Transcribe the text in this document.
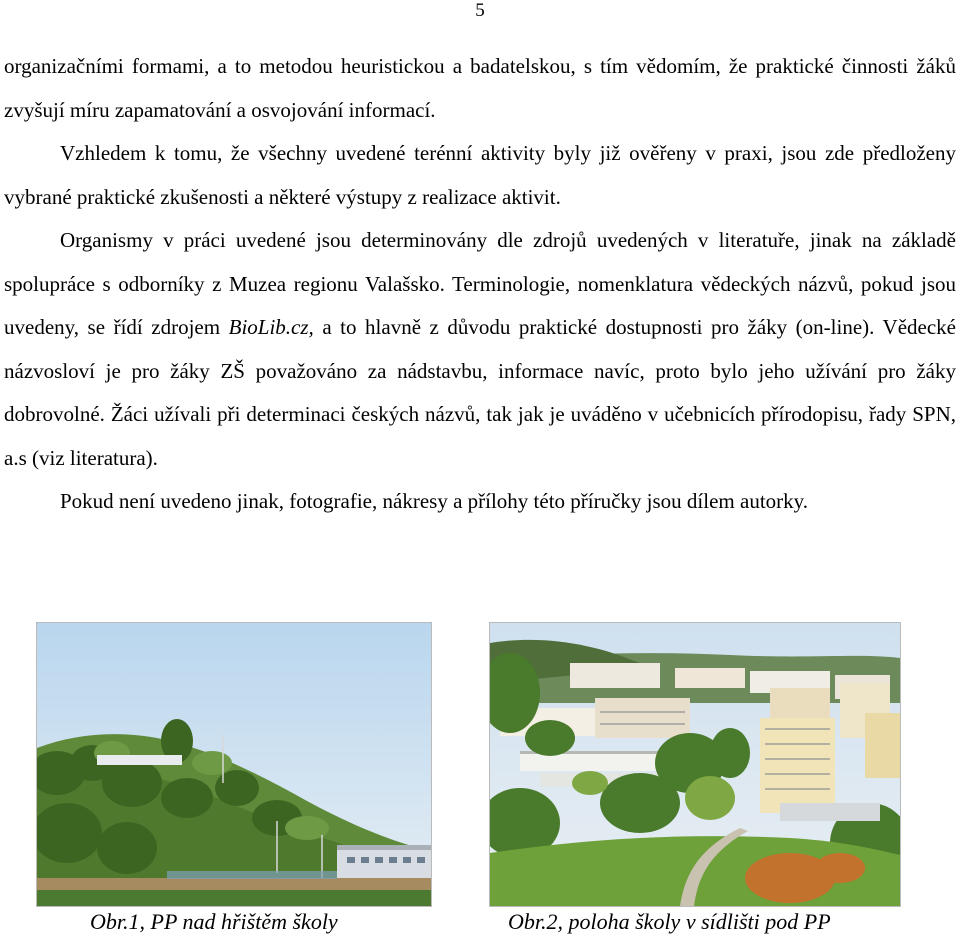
5

organizačními formami, a to metodou heuristickou a badatelskou, s tím vědomím, že praktické činnosti žáků zvyšují míru zapamatování a osvojování informací.

Vzhledem k tomu, že všechny uvedené terénní aktivity byly již ověřeny v praxi, jsou zde předloženy vybrané praktické zkušenosti a některé výstupy z realizace aktivit.

Organismy v práci uvedené jsou determinovány dle zdrojů uvedených v literatuře, jinak na základě spolupráce s odborníky z Muzea regionu Valašsko. Terminologie, nomenklatura vědeckých názvů, pokud jsou uvedeny, se řídí zdrojem BioLib.cz, a to hlavně z důvodu praktické dostupnosti pro žáky (on-line). Vědecké názvosloví je pro žáky ZŠ považováno za nádstavbu, informace navíc, proto bylo jeho užívání pro žáky dobrovolné. Žáci užívali při determinaci českých názvů, tak jak je uváděno v učebnicích přírodopisu, řady SPN, a.s (viz literatura).

Pokud není uvedeno jinak, fotografie, nákresy a přílohy této příručky jsou dílem autorky.

Obr.1, PP nad hřištěm školy	Obr.2, poloha školy v sídlišti pod PP
